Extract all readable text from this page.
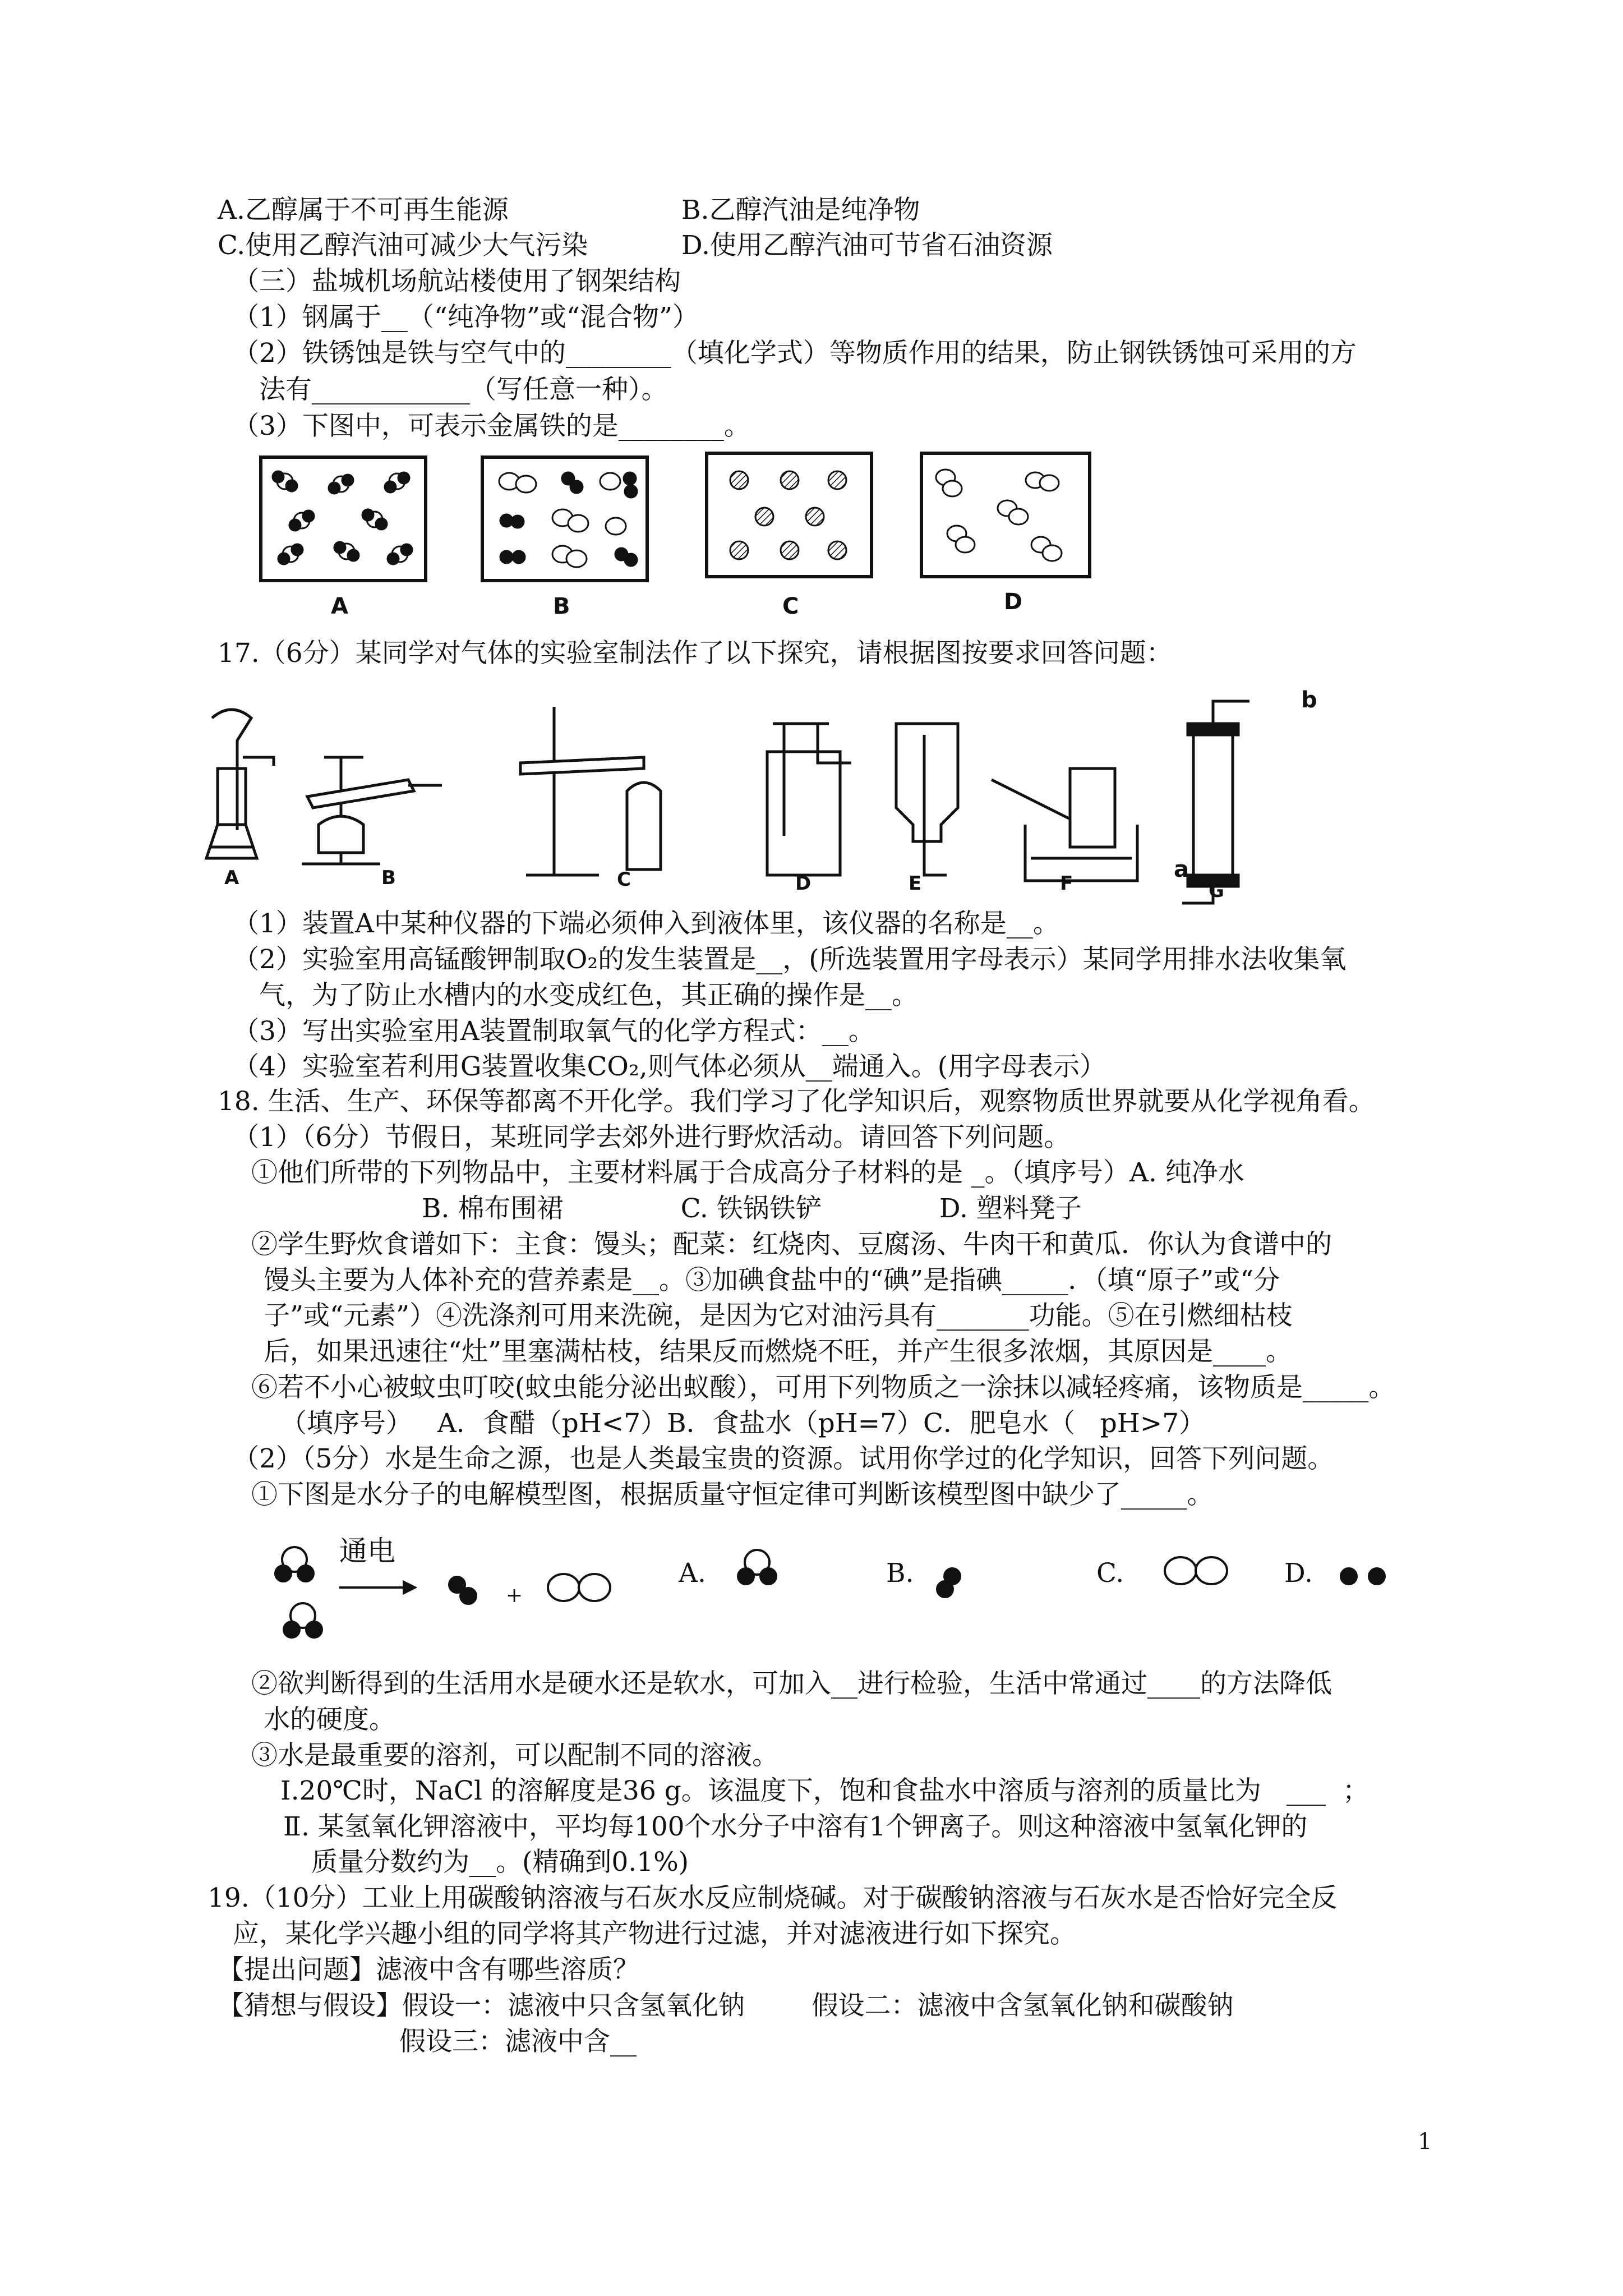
A.乙醇属于不可再生能源	B.乙醇汽油是纯净物
C.使用乙醇汽油可减少大气污染	D.使用乙醇汽油可节省石油资源
（三）盐城机场航站楼使用了钢架结构
（1）钢属于__（“纯净物”或“混合物”）
（2）铁锈蚀是铁与空气中的________（填化学式）等物质作用的结果，防止钢铁锈蚀可采用的方
法有____________（写任意一种）。
（3）下图中，可表示金属铁的是________。
A	B	C	D
17.（6分）某同学对气体的实验室制法作了以下探究，请根据图按要求回答问题：
b
a
A	B	C	D	E	F	G
（1）装置A中某种仪器的下端必须伸入到液体里，该仪器的名称是__。
（2）实验室用高锰酸钾制取O₂的发生装置是__，(所选装置用字母表示）某同学用排水法收集氧
气，为了防止水槽内的水变成红色，其正确的操作是__。
（3）写出实验室用A装置制取氧气的化学方程式：__。
（4）实验室若利用G装置收集CO₂,则气体必须从__端通入。(用字母表示）
18. 生活、生产、环保等都离不开化学。我们学习了化学知识后，观察物质世界就要从化学视角看。
（1）（6分）节假日，某班同学去郊外进行野炊活动。请回答下列问题。
①他们所带的下列物品中，主要材料属于合成高分子材料的是 _。（填序号）A. 纯净水
B. 棉布围裙              C. 铁锅铁铲              D. 塑料凳子
②学生野炊食谱如下：主食：馒头；配菜：红烧肉、豆腐汤、牛肉干和黄瓜．你认为食谱中的
馒头主要为人体补充的营养素是__。③加碘食盐中的“碘”是指碘_____．（填“原子”或“分
子”或“元素”）④洗涤剂可用来洗碗，是因为它对油污具有_______功能。⑤在引燃细枯枝
后，如果迅速往“灶”里塞满枯枝，结果反而燃烧不旺，并产生很多浓烟，其原因是____。
⑥若不小心被蚊虫叮咬(蚊虫能分泌出蚁酸），可用下列物质之一涂抹以减轻疼痛，该物质是_____。
（填序号）   A．食醋（pH<7）B．食盐水（pH=7）C．肥皂水（   pH>7）
（2）（5分）水是生命之源，也是人类最宝贵的资源。试用你学过的化学知识，回答下列问题。
①下图是水分子的电解模型图，根据质量守恒定律可判断该模型图中缺少了_____。
通电
+
A.	B.	C.	D.
②欲判断得到的生活用水是硬水还是软水，可加入__进行检验，生活中常通过____的方法降低
水的硬度。
③水是最重要的溶剂，可以配制不同的溶液。
Ⅰ.20℃时，NaCl 的溶解度是36 g。该温度下，饱和食盐水中溶质与溶剂的质量比为   ___  ；
Ⅱ. 某氢氧化钾溶液中，平均每100个水分子中溶有1个钾离子。则这种溶液中氢氧化钾的
质量分数约为__。(精确到0.1%)
19.（10分）工业上用碳酸钠溶液与石灰水反应制烧碱。对于碳酸钠溶液与石灰水是否恰好完全反
应，某化学兴趣小组的同学将其产物进行过滤，并对滤液进行如下探究。
【提出问题】滤液中含有哪些溶质？
【猜想与假设】假设一：滤液中只含氢氧化钠        假设二：滤液中含氢氧化钠和碳酸钠
假设三：滤液中含__
1
